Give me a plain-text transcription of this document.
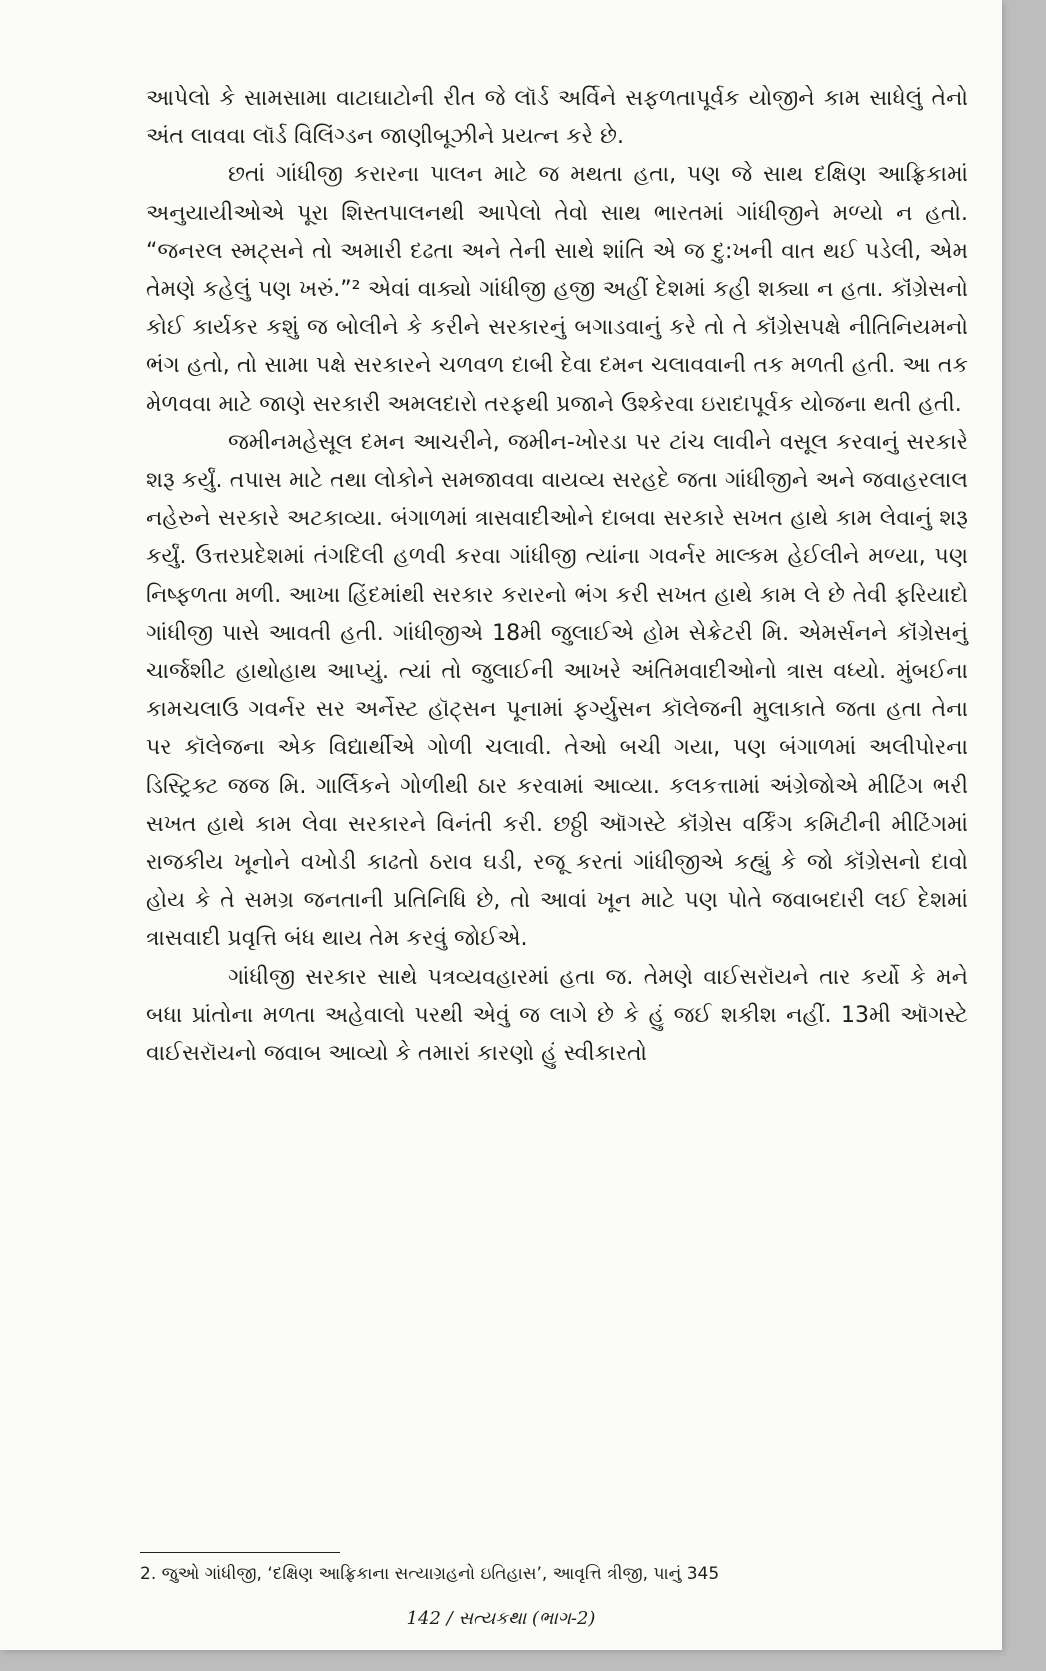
આપેલો કે સામસામા વાટાઘાટોની રીત જે લૉર્ડ અર્વિને સફળતાપૂર્વક યોજીને કામ સાધેલું તેનો અંત લાવવા લૉર્ડ વિલિંગ્ડન જાણીબૂઝીને પ્રયત્ન કરે છે.

છતાં ગાંધીજી કરારના પાલન માટે જ મથતા હતા, પણ જે સાથ દક્ષિણ આફ્રિકામાં અનુયાયીઓએ પૂરા શિસ્તપાલનથી આપેલો તેવો સાથ ભારતમાં ગાંધીજીને મળ્યો ન હતો. “જનરલ સ્મટ્સને તો અમારી દઢતા અને તેની સાથે શાંતિ એ જ દુ:ખની વાત થઈ પડેલી, એમ તેમણે કહેલું પણ ખરું.”² એવાં વાક્યો ગાંધીજી હજી અહીં દેશમાં કહી શક્યા ન હતા. કૉંગ્રેસનો કોઈ કાર્યકર કશું જ બોલીને કે કરીને સરકારનું બગાડવાનું કરે તો તે કૉંગ્રેસપક્ષે નીતિનિયમનો ભંગ હતો, તો સામા પક્ષે સરકારને ચળવળ દાબી દેવા દમન ચલાવવાની તક મળતી હતી. આ તક મેળવવા માટે જાણે સરકારી અમલદારો તરફથી પ્રજાને ઉશ્કેરવા ઇરાદાપૂર્વક યોજના થતી હતી.

જમીનમહેસૂલ દમન આચરીને, જમીન-ખોરડા પર ટાંચ લાવીને વસૂલ કરવાનું સરકારે શરૂ કર્યું. તપાસ માટે તથા લોકોને સમજાવવા વાયવ્ય સરહદે જતા ગાંધીજીને અને જવાહરલાલ નહેરુને સરકારે અટકાવ્યા. બંગાળમાં ત્રાસવાદીઓને દાબવા સરકારે સખત હાથે કામ લેવાનું શરૂ કર્યું. ઉત્તરપ્રદેશમાં તંગદિલી હળવી કરવા ગાંધીજી ત્યાંના ગવર્નર માલ્કમ હેઈલીને મળ્યા, પણ નિષ્ફળતા મળી. આખા હિંદમાંથી સરકાર કરારનો ભંગ કરી સખત હાથે કામ લે છે તેવી ફરિયાદો ગાંધીજી પાસે આવતી હતી. ગાંધીજીએ 18મી જુલાઈએ હોમ સેક્રેટરી મિ. એમર્સનને કૉંગ્રેસનું ચાર્જશીટ હાથોહાથ આપ્યું. ત્યાં તો જુલાઈની આખરે અંતિમવાદીઓનો ત્રાસ વધ્યો. મુંબઈના કામચલાઉ ગવર્નર સર અર્નેસ્ટ હૉટ્સન પૂનામાં ફર્ગ્યુસન કૉલેજની મુલાકાતે જતા હતા તેના પર કૉલેજના એક વિદ્યાર્થીએ ગોળી ચલાવી. તેઓ બચી ગયા, પણ બંગાળમાં અલીપોરના ડિસ્ટ્રિક્ટ જજ મિ. ગાર્લિકને ગોળીથી ઠાર કરવામાં આવ્યા. કલકત્તામાં અંગ્રેજોએ મીટિંગ ભરી સખત હાથે કામ લેવા સરકારને વિનંતી કરી. છઠ્ઠી ઑગસ્ટે કૉંગ્રેસ વર્કિંગ કમિટીની મીટિંગમાં રાજકીય ખૂનોને વખોડી કાઢતો ઠરાવ ઘડી, રજૂ કરતાં ગાંધીજીએ કહ્યું કે જો કૉંગ્રેસનો દાવો હોય કે તે સમગ્ર જનતાની પ્રતિનિધિ છે, તો આવાં ખૂન માટે પણ પોતે જવાબદારી લઈ દેશમાં ત્રાસવાદી પ્રવૃત્તિ બંધ થાય તેમ કરવું જોઈએ.

ગાંધીજી સરકાર સાથે પત્રવ્યવહારમાં હતા જ. તેમણે વાઈસરૉયને તાર કર્યો કે મને બધા પ્રાંતોના મળતા અહેવાલો પરથી એવું જ લાગે છે કે હું જઈ શકીશ નહીં. 13મી ઑગસ્ટે વાઈસરૉયનો જવાબ આવ્યો કે તમારાં કારણો હું સ્વીકારતો

2. જુઓ ગાંધીજી, ‘દક્ષિણ આફ્રિકાના સત્યાગ્રહનો ઇતિહાસ’, આવૃત્તિ ત્રીજી, પાનું 345
142 / સત્યકથા (ભાગ-2)
